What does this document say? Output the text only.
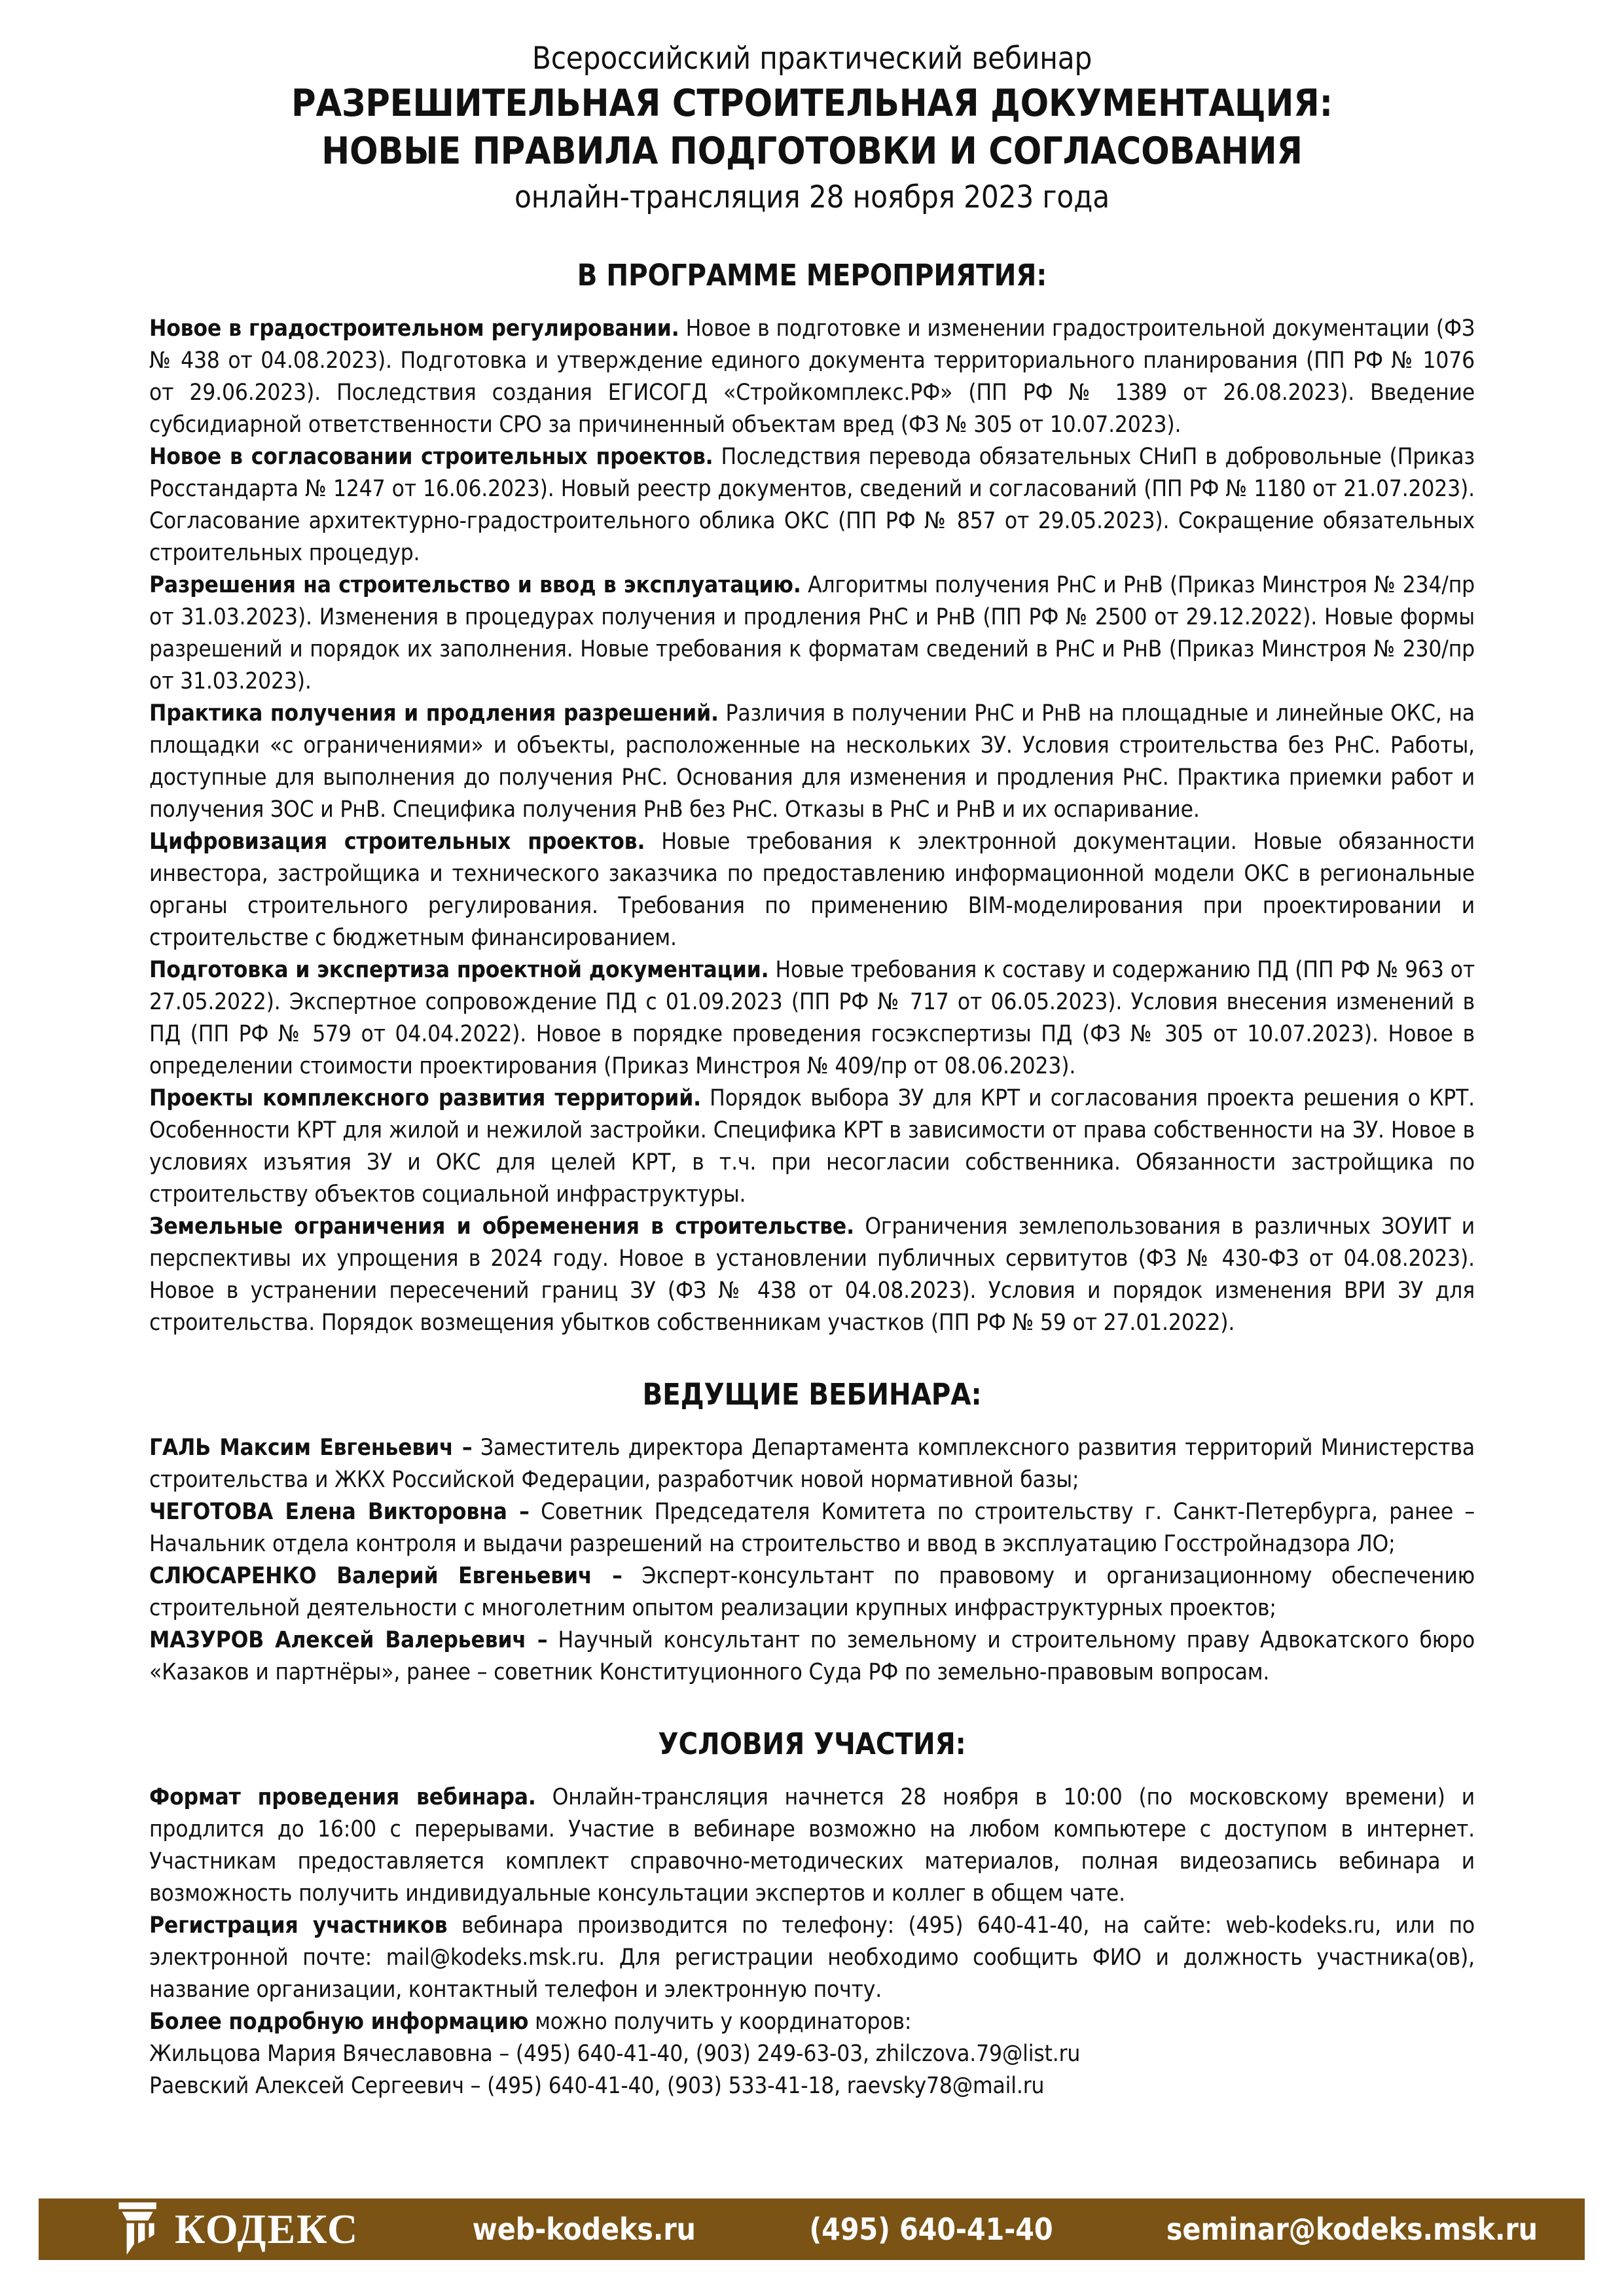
Всероссийский практический вебинар
РАЗРЕШИТЕЛЬНАЯ СТРОИТЕЛЬНАЯ ДОКУМЕНТАЦИЯ:
НОВЫЕ ПРАВИЛА ПОДГОТОВКИ И СОГЛАСОВАНИЯ
онлайн-трансляция 28 ноября 2023 года
В ПРОГРАММЕ МЕРОПРИЯТИЯ:

Новое в градостроительном регулировании. Новое в подготовке и изменении градостроительной документации (ФЗ № 438 от 04.08.2023). Подготовка и утверждение единого документа территориального планирования (ПП РФ № 1076 от 29.06.2023). Последствия создания ЕГИСОГД «Стройкомплекс.РФ» (ПП РФ № 1389 от 26.08.2023). Введение субсидиарной ответственности СРО за причиненный объектам вред (ФЗ № 305 от 10.07.2023).

Новое в согласовании строительных проектов. Последствия перевода обязательных СНиП в добровольные (Приказ Росстандарта № 1247 от 16.06.2023). Новый реестр документов, сведений и согласований (ПП РФ № 1180 от 21.07.2023). Согласование архитектурно-градостроительного облика ОКС (ПП РФ № 857 от 29.05.2023). Сокращение обязательных строительных процедур.

Разрешения на строительство и ввод в эксплуатацию. Алгоритмы получения РнС и РнВ (Приказ Минстроя № 234/пр от 31.03.2023). Изменения в процедурах получения и продления РнС и РнВ (ПП РФ № 2500 от 29.12.2022). Новые формы разрешений и порядок их заполнения. Новые требования к форматам сведений в РнС и РнВ (Приказ Минстроя № 230/пр от 31.03.2023).

Практика получения и продления разрешений. Различия в получении РнС и РнВ на площадные и линейные ОКС, на площадки «с ограничениями» и объекты, расположенные на нескольких ЗУ. Условия строительства без РнС. Работы, доступные для выполнения до получения РнС. Основания для изменения и продления РнС. Практика приемки работ и получения ЗОС и РнВ. Специфика получения РнВ без РнС. Отказы в РнС и РнВ и их оспаривание.

Цифровизация строительных проектов. Новые требования к электронной документации. Новые обязанности инвестора, застройщика и технического заказчика по предоставлению информационной модели ОКС в региональные органы строительного регулирования. Требования по применению BIM-моделирования при проектировании и строительстве с бюджетным финансированием.

Подготовка и экспертиза проектной документации. Новые требования к составу и содержанию ПД (ПП РФ № 963 от 27.05.2022). Экспертное сопровождение ПД с 01.09.2023 (ПП РФ № 717 от 06.05.2023). Условия внесения изменений в ПД (ПП РФ № 579 от 04.04.2022). Новое в порядке проведения госэкспертизы ПД (ФЗ № 305 от 10.07.2023). Новое в определении стоимости проектирования (Приказ Минстроя № 409/пр от 08.06.2023).

Проекты комплексного развития территорий. Порядок выбора ЗУ для КРТ и согласования проекта решения о КРТ. Особенности КРТ для жилой и нежилой застройки. Специфика КРТ в зависимости от права собственности на ЗУ. Новое в условиях изъятия ЗУ и ОКС для целей КРТ, в т.ч. при несогласии собственника. Обязанности застройщика по строительству объектов социальной инфраструктуры.

Земельные ограничения и обременения в строительстве. Ограничения землепользования в различных ЗОУИТ и перспективы их упрощения в 2024 году. Новое в установлении публичных сервитутов (ФЗ № 430-ФЗ от 04.08.2023). Новое в устранении пересечений границ ЗУ (ФЗ № 438 от 04.08.2023). Условия и порядок изменения ВРИ ЗУ для строительства. Порядок возмещения убытков собственникам участков (ПП РФ № 59 от 27.01.2022).

ВЕДУЩИЕ ВЕБИНАРА:

ГАЛЬ Максим Евгеньевич – Заместитель директора Департамента комплексного развития территорий Министерства строительства и ЖКХ Российской Федерации, разработчик новой нормативной базы;

ЧЕГОТОВА Елена Викторовна – Советник Председателя Комитета по строительству г. Санкт-Петербурга, ранее – Начальник отдела контроля и выдачи разрешений на строительство и ввод в эксплуатацию Госстройнадзора ЛО;

СЛЮСАРЕНКО Валерий Евгеньевич – Эксперт-консультант по правовому и организационному обеспечению строительной деятельности с многолетним опытом реализации крупных инфраструктурных проектов;

МАЗУРОВ Алексей Валерьевич – Научный консультант по земельному и строительному праву Адвокатского бюро «Казаков и партнёры», ранее – советник Конституционного Суда РФ по земельно-правовым вопросам.

УСЛОВИЯ УЧАСТИЯ:

Формат проведения вебинара. Онлайн-трансляция начнется 28 ноября в 10:00 (по московскому времени) и продлится до 16:00 с перерывами. Участие в вебинаре возможно на любом компьютере с доступом в интернет. Участникам предоставляется комплект справочно-методических материалов, полная видеозапись вебинара и возможность получить индивидуальные консультации экспертов и коллег в общем чате.

Регистрация участников вебинара производится по телефону: (495) 640-41-40, на сайте: web-kodeks.ru, или по электронной почте: mail@kodeks.msk.ru. Для регистрации необходимо сообщить ФИО и должность участника(ов), название организации, контактный телефон и электронную почту.

Более подробную информацию можно получить у координаторов:

Жильцова Мария Вячеславовна – (495) 640-41-40, (903) 249-63-03, zhilczova.79@list.ru

Раевский Алексей Сергеевич – (495) 640-41-40, (903) 533-41-18, raevsky78@mail.ru

КОДЕКС	web-kodeks.ru	(495) 640-41-40	seminar@kodeks.msk.ru
